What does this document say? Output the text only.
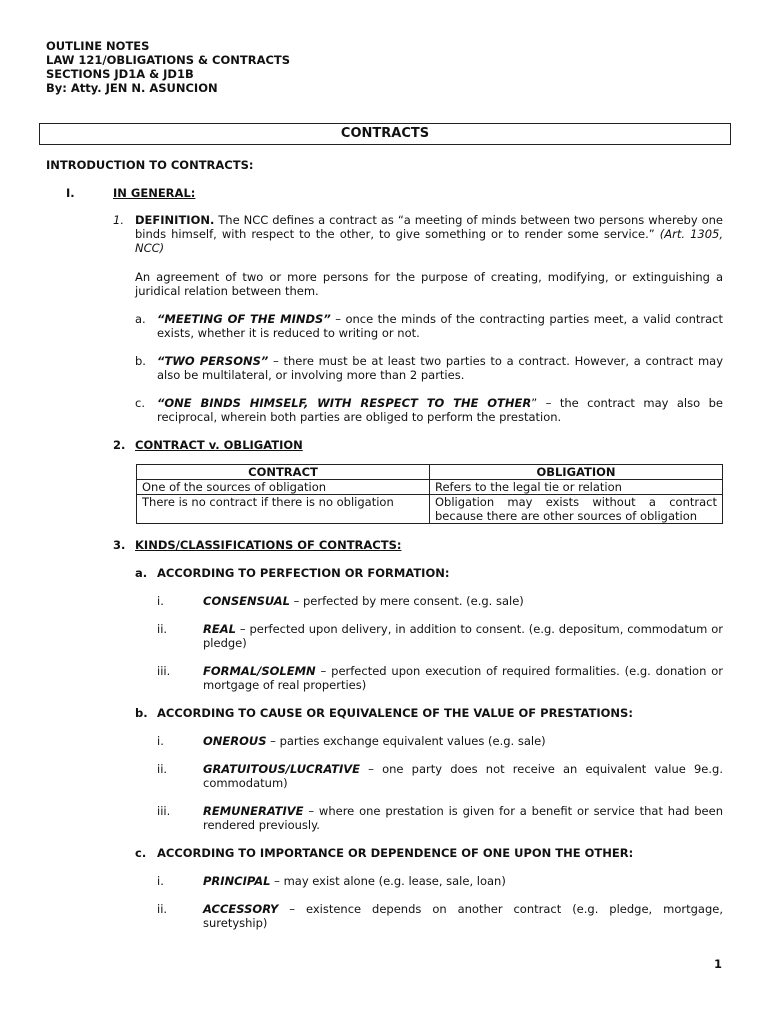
OUTLINE NOTES
LAW 121/OBLIGATIONS & CONTRACTS
SECTIONS JD1A & JD1B
By: Atty. JEN N. ASUNCION
CONTRACTS
INTRODUCTION TO CONTRACTS:
I.	IN GENERAL:
1. DEFINITION. The NCC defines a contract as “a meeting of minds between two persons whereby one binds himself, with respect to the other, to give something or to render some service.” (Art. 1305, NCC)
An agreement of two or more persons for the purpose of creating, modifying, or extinguishing a juridical relation between them.
a. “MEETING OF THE MINDS” – once the minds of the contracting parties meet, a valid contract exists, whether it is reduced to writing or not.
b. “TWO PERSONS” – there must be at least two parties to a contract. However, a contract may also be multilateral, or involving more than 2 parties.
c. “ONE BINDS HIMSELF, WITH RESPECT TO THE OTHER” – the contract may also be reciprocal, wherein both parties are obliged to perform the prestation.
2. CONTRACT v. OBLIGATION
CONTRACT	OBLIGATION
One of the sources of obligation	Refers to the legal tie or relation
There is no contract if there is no obligation	Obligation may exists without a contract because there are other sources of obligation
3. KINDS/CLASSIFICATIONS OF CONTRACTS:
a. ACCORDING TO PERFECTION OR FORMATION:
i.	CONSENSUAL – perfected by mere consent. (e.g. sale)
ii.	REAL – perfected upon delivery, in addition to consent. (e.g. depositum, commodatum or pledge)
iii.	FORMAL/SOLEMN – perfected upon execution of required formalities. (e.g. donation or mortgage of real properties)
b. ACCORDING TO CAUSE OR EQUIVALENCE OF THE VALUE OF PRESTATIONS:
i.	ONEROUS – parties exchange equivalent values (e.g. sale)
ii.	GRATUITOUS/LUCRATIVE – one party does not receive an equivalent value 9e.g. commodatum)
iii.	REMUNERATIVE – where one prestation is given for a benefit or service that had been rendered previously.
c. ACCORDING TO IMPORTANCE OR DEPENDENCE OF ONE UPON THE OTHER:
i.	PRINCIPAL – may exist alone (e.g. lease, sale, loan)
ii.	ACCESSORY – existence depends on another contract (e.g. pledge, mortgage, suretyship)
1
